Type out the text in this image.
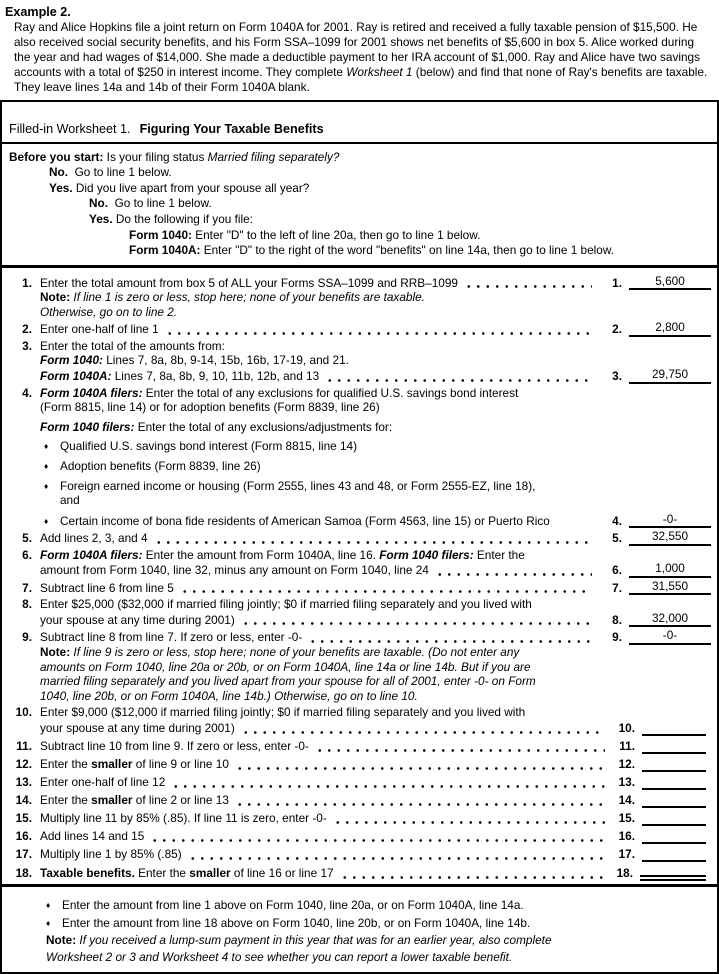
Example 2.
Ray and Alice Hopkins file a joint return on Form 1040A for 2001. Ray is retired and received a fully taxable pension of $15,500. He also received social security benefits, and his Form SSA–1099 for 2001 shows net benefits of $5,600 in box 5. Alice worked during the year and had wages of $14,000. She made a deductible payment to her IRA account of $1,000. Ray and Alice have two savings accounts with a total of $250 in interest income. They complete Worksheet 1 (below) and find that none of Ray's benefits are taxable. They leave lines 14a and 14b of their Form 1040A blank.
Filled-in Worksheet 1. Figuring Your Taxable Benefits
Before you start: Is your filing status Married filing separately?
No.  Go to line 1 below.
Yes. Did you live apart from your spouse all year?
No.  Go to line 1 below.
Yes. Do the following if you file:
Form 1040: Enter "D" to the left of line 20a, then go to line 1 below.
Form 1040A: Enter "D" to the right of the word "benefits" on line 14a, then go to line 1 below.
1. Enter the total amount from box 5 of ALL your Forms SSA–1099 and RRB–1099	1.	5,600
Note: If line 1 is zero or less, stop here; none of your benefits are taxable.
Otherwise, go on to line 2.
2. Enter one-half of line 1	2.	2,800
3. Enter the total of the amounts from:
Form 1040: Lines 7, 8a, 8b, 9-14, 15b, 16b, 17-19, and 21.
Form 1040A: Lines 7, 8a, 8b, 9, 10, 11b, 12b, and 13	3.	29,750
4. Form 1040A filers: Enter the total of any exclusions for qualified U.S. savings bond interest
(Form 8815, line 14) or for adoption benefits (Form 8839, line 26)
Form 1040 filers: Enter the total of any exclusions/adjustments for:
♦ Qualified U.S. savings bond interest (Form 8815, line 14)
♦ Adoption benefits (Form 8839, line 26)
♦ Foreign earned income or housing (Form 2555, lines 43 and 48, or Form 2555-EZ, line 18),
and
♦ Certain income of bona fide residents of American Samoa (Form 4563, line 15) or Puerto Rico	4.	-0-
5. Add lines 2, 3, and 4	5.	32,550
6. Form 1040A filers: Enter the amount from Form 1040A, line 16. Form 1040 filers: Enter the
amount from Form 1040, line 32, minus any amount on Form 1040, line 24	6.	1,000
7. Subtract line 6 from line 5	7.	31,550
8. Enter $25,000 ($32,000 if married filing jointly; $0 if married filing separately and you lived with
your spouse at any time during 2001)	8.	32,000
9. Subtract line 8 from line 7. If zero or less, enter -0-	9.	-0-
Note: If line 9 is zero or less, stop here; none of your benefits are taxable. (Do not enter any
amounts on Form 1040, line 20a or 20b, or on Form 1040A, line 14a or line 14b. But if you are
married filing separately and you lived apart from your spouse for all of 2001, enter -0- on Form
1040, line 20b, or on Form 1040A, line 14b.) Otherwise, go on to line 10.
10. Enter $9,000 ($12,000 if married filing jointly; $0 if married filing separately and you lived with
your spouse at any time during 2001)	10.
11. Subtract line 10 from line 9. If zero or less, enter -0-	11.
12. Enter the smaller of line 9 or line 10	12.
13. Enter one-half of line 12	13.
14. Enter the smaller of line 2 or line 13	14.
15. Multiply line 11 by 85% (.85). If line 11 is zero, enter -0-	15.
16. Add lines 14 and 15	16.
17. Multiply line 1 by 85% (.85)	17.
18. Taxable benefits. Enter the smaller of line 16 or line 17	18.
♦ Enter the amount from line 1 above on Form 1040, line 20a, or on Form 1040A, line 14a.
♦ Enter the amount from line 18 above on Form 1040, line 20b, or on Form 1040A, line 14b.
Note: If you received a lump-sum payment in this year that was for an earlier year, also complete
Worksheet 2 or 3 and Worksheet 4 to see whether you can report a lower taxable benefit.
